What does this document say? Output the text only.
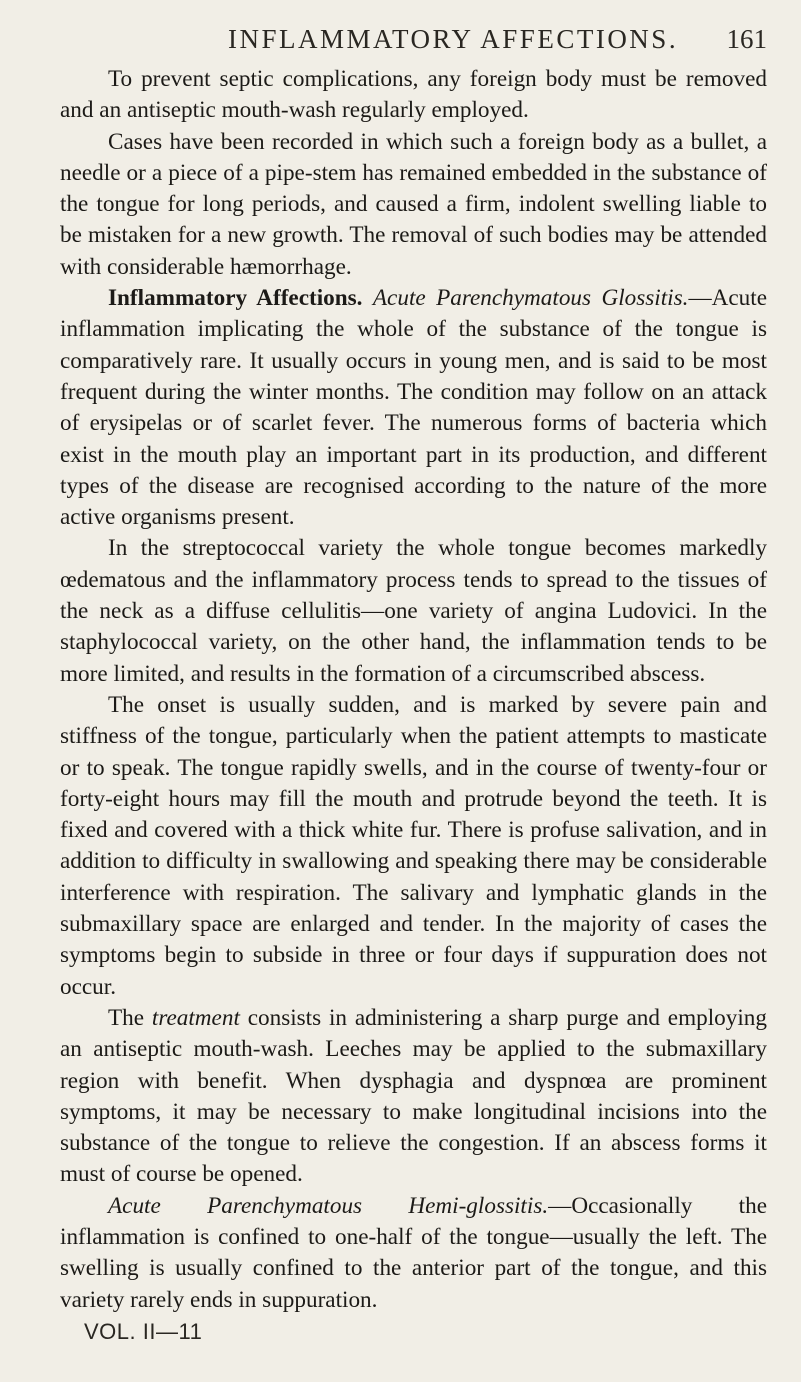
INFLAMMATORY AFFECTIONS. 161

To prevent septic complications, any foreign body must be removed and an antiseptic mouth-wash regularly employed.

Cases have been recorded in which such a foreign body as a bullet, a needle or a piece of a pipe-stem has remained embedded in the substance of the tongue for long periods, and caused a firm, indolent swelling liable to be mistaken for a new growth. The removal of such bodies may be attended with considerable hæmorrhage.

Inflammatory Affections. Acute Parenchymatous Glossitis.—Acute inflammation implicating the whole of the substance of the tongue is comparatively rare. It usually occurs in young men, and is said to be most frequent during the winter months. The condition may follow on an attack of erysipelas or of scarlet fever. The numerous forms of bacteria which exist in the mouth play an important part in its production, and different types of the disease are recognised according to the nature of the more active organisms present.

In the streptococcal variety the whole tongue becomes markedly œdematous and the inflammatory process tends to spread to the tissues of the neck as a diffuse cellulitis—one variety of angina Ludovici. In the staphylococcal variety, on the other hand, the inflammation tends to be more limited, and results in the formation of a circumscribed abscess.

The onset is usually sudden, and is marked by severe pain and stiffness of the tongue, particularly when the patient attempts to masticate or to speak. The tongue rapidly swells, and in the course of twenty-four or forty-eight hours may fill the mouth and protrude beyond the teeth. It is fixed and covered with a thick white fur. There is profuse salivation, and in addition to difficulty in swallowing and speaking there may be considerable interference with respiration. The salivary and lymphatic glands in the submaxillary space are enlarged and tender. In the majority of cases the symptoms begin to subside in three or four days if suppuration does not occur.

The treatment consists in administering a sharp purge and employing an antiseptic mouth-wash. Leeches may be applied to the submaxillary region with benefit. When dysphagia and dyspnœa are prominent symptoms, it may be necessary to make longitudinal incisions into the substance of the tongue to relieve the congestion. If an abscess forms it must of course be opened.

Acute Parenchymatous Hemi-glossitis.—Occasionally the inflammation is confined to one-half of the tongue—usually the left. The swelling is usually confined to the anterior part of the tongue, and this variety rarely ends in suppuration.

VOL. II—11
